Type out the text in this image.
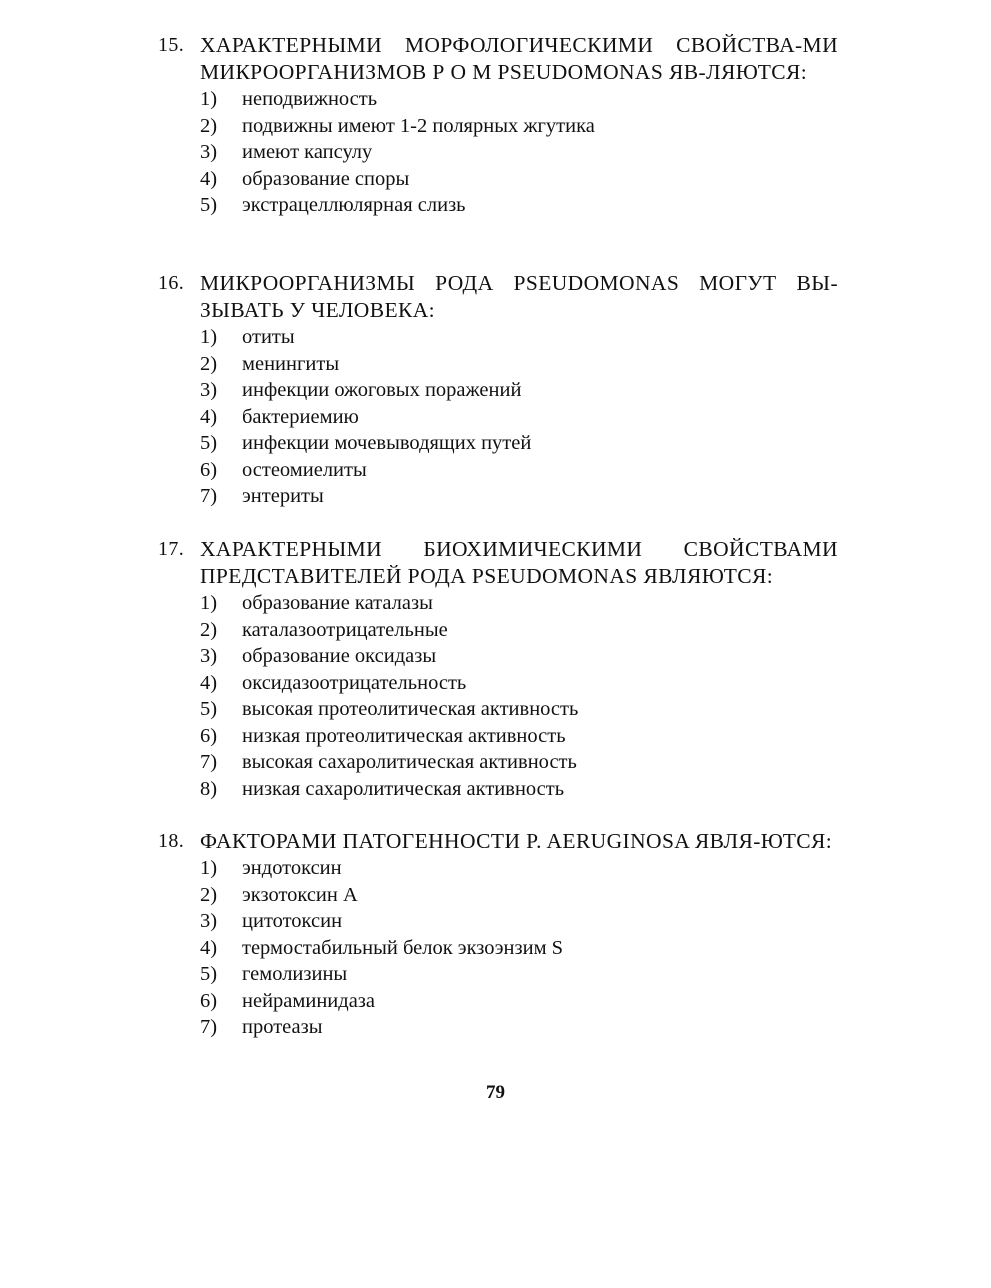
15. ХАРАКТЕРНЫМИ МОРФОЛОГИЧЕСКИМИ СВОЙСТВА-МИ МИКРООРГАНИЗМОВ Р О М PSEUDOMONAS ЯВ-ЛЯЮТСЯ:
1)	неподвижность
2)	подвижны имеют 1-2 полярных жгутика
3)	имеют капсулу
4)	образование споры
5)	экстрацеллюлярная слизь
16. МИКРООРГАНИЗМЫ РОДА PSEUDOMONAS МОГУТ ВЫ-ЗЫВАТЬ У ЧЕЛОВЕКА:
1)	отиты
2)	менингиты
3)	инфекции ожоговых поражений
4)	бактериемию
5)	инфекции мочевыводящих путей
6)	остеомиелиты
7)	энтериты
17. ХАРАКТЕРНЫМИ БИОХИМИЧЕСКИМИ СВОЙСТВАМИ ПРЕДСТАВИТЕЛЕЙ РОДА PSEUDOMONAS ЯВЛЯЮТСЯ:
1)	образование каталазы
2)	каталазоотрицательные
3)	образование оксидазы
4)	оксидазоотрицательность
5)	высокая протеолитическая активность
6)	низкая протеолитическая активность
7)	высокая сахаролитическая активность
8)	низкая сахаролитическая активность
18. ФАКТОРАМИ ПАТОГЕННОСТИ P. AERUGINOSA ЯВЛЯ-ЮТСЯ:
1)	эндотоксин
2)	экзотоксин А
3)	цитотоксин
4)	термостабильный белок экзоэнзим S
5)	гемолизины
6)	нейраминидаза
7)	протеазы
79
